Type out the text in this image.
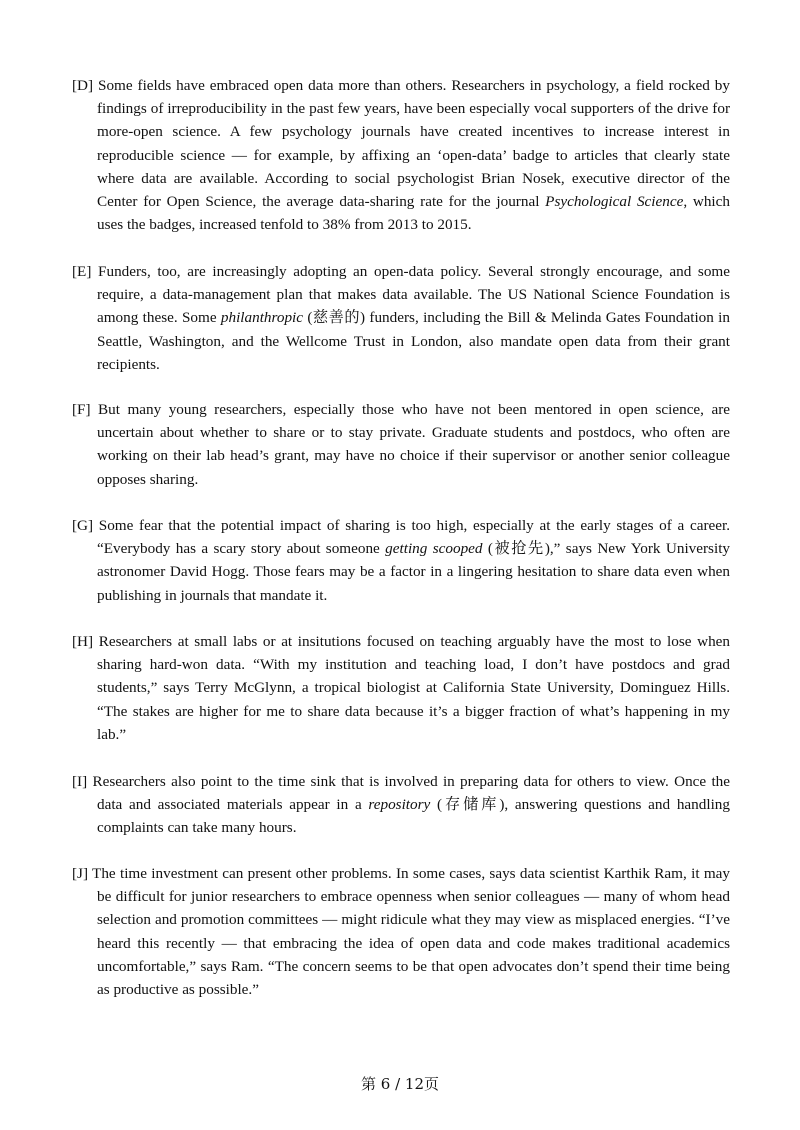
[D] Some fields have embraced open data more than others. Researchers in psychology, a field rocked by findings of irreproducibility in the past few years, have been especially vocal supporters of the drive for more-open science. A few psychology journals have created incentives to increase interest in reproducible science — for example, by affixing an ‘open-data’ badge to articles that clearly state where data are available. According to social psychologist Brian Nosek, executive director of the Center for Open Science, the average data-sharing rate for the journal Psychological Science, which uses the badges, increased tenfold to 38% from 2013 to 2015.
[E] Funders, too, are increasingly adopting an open-data policy. Several strongly encourage, and some require, a data-management plan that makes data available. The US National Science Foundation is among these. Some philanthropic (慈善的) funders, including the Bill & Melinda Gates Foundation in Seattle, Washington, and the Wellcome Trust in London, also mandate open data from their grant recipients.
[F] But many young researchers, especially those who have not been mentored in open science, are uncertain about whether to share or to stay private. Graduate students and postdocs, who often are working on their lab head’s grant, may have no choice if their supervisor or another senior colleague opposes sharing.
[G] Some fear that the potential impact of sharing is too high, especially at the early stages of a career. “Everybody has a scary story about someone getting scooped (被抢先),” says New York University astronomer David Hogg. Those fears may be a factor in a lingering hesitation to share data even when publishing in journals that mandate it.
[H] Researchers at small labs or at insitutions focused on teaching arguably have the most to lose when sharing hard-won data. “With my institution and teaching load, I don’t have postdocs and grad students,” says Terry McGlynn, a tropical biologist at California State University, Dominguez Hills. “The stakes are higher for me to share data because it’s a bigger fraction of what’s happening in my lab.”
[I] Researchers also point to the time sink that is involved in preparing data for others to view. Once the data and associated materials appear in a repository (存储库), answering questions and handling complaints can take many hours.
[J] The time investment can present other problems. In some cases, says data scientist Karthik Ram, it may be difficult for junior researchers to embrace openness when senior colleagues — many of whom head selection and promotion committees — might ridicule what they may view as misplaced energies. “I’ve heard this recently — that embracing the idea of open data and code makes traditional academics uncomfortable,” says Ram. “The concern seems to be that open advocates don’t spend their time being as productive as possible.”
第 6 / 12页
